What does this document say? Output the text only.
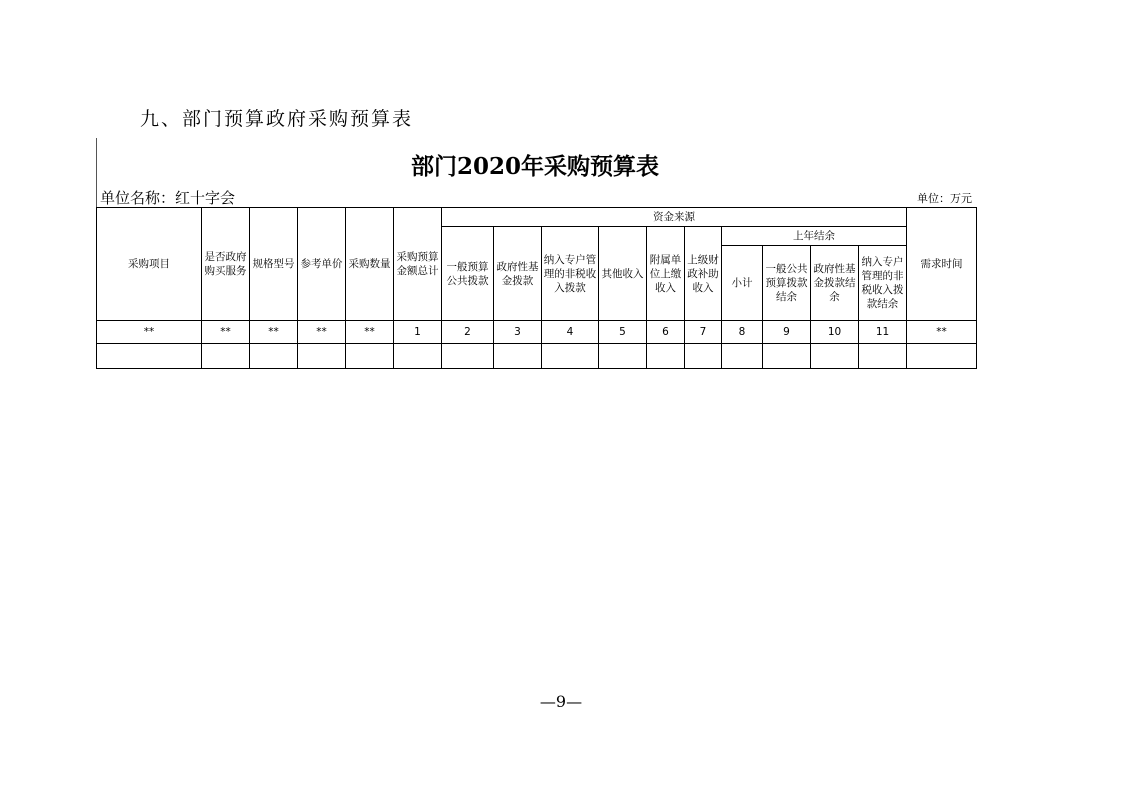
九、部门预算政府采购预算表
部门2020年采购预算表
单位名称：红十字会	单位：万元
采购项目	是否政府购买服务	规格型号	参考单价	采购数量	采购预算金额总计	资金来源										需求时间
						一般预算公共拨款	政府性基金拨款	纳入专户管理的非税收入拨款	其他收入	附属单位上缴收入	上级财政补助收入	上年结余				
												小计	一般公共预算拨款结余	政府性基金拨款结余	纳入专户管理的非税收入拨款结余	
**	**	**	**	**	1	2	3	4	5	6	7	8	9	10	11	**

—9—
